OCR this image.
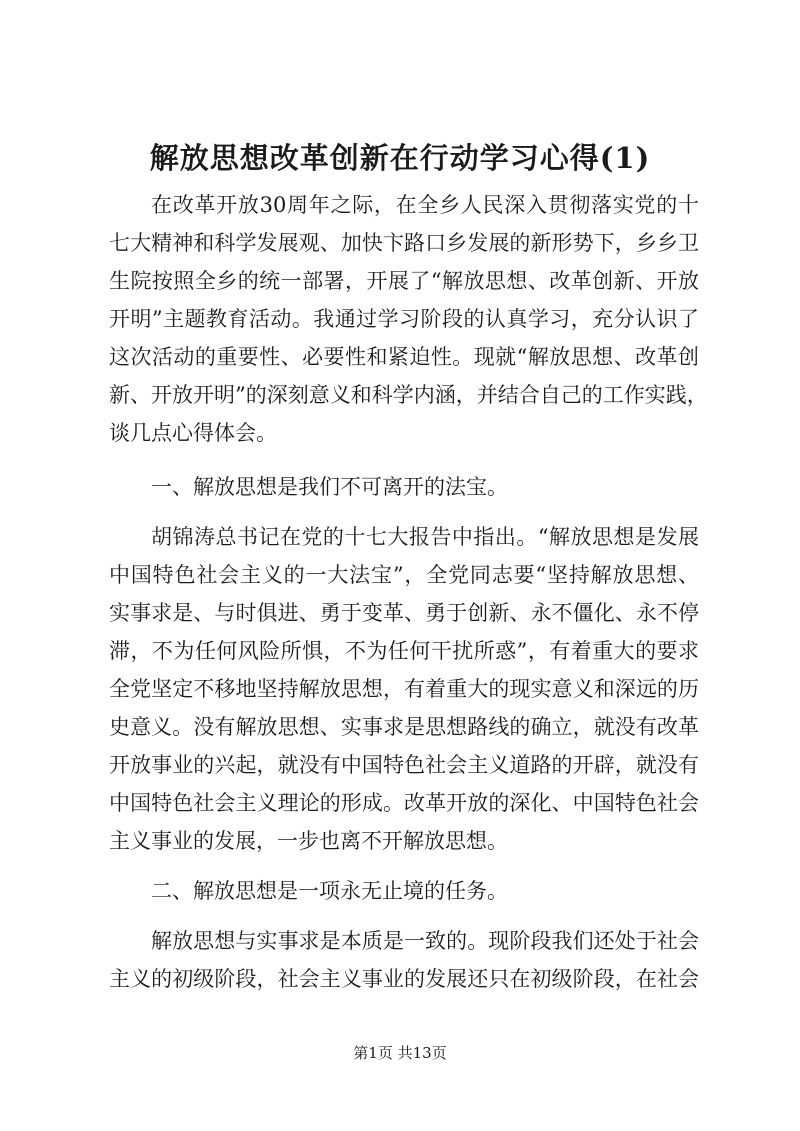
解放思想改革创新在行动学习心得(1)

在改革开放30周年之际，在全乡人民深入贯彻落实党的十

七大精神和科学发展观、加快卞路口乡发展的新形势下，乡乡卫

生院按照全乡的统一部署，开展了“解放思想、改革创新、开放

开明”主题教育活动。我通过学习阶段的认真学习，充分认识了

这次活动的重要性、必要性和紧迫性。现就“解放思想、改革创

新、开放开明”的深刻意义和科学内涵，并结合自己的工作实践，

谈几点心得体会。

一、解放思想是我们不可离开的法宝。

胡锦涛总书记在党的十七大报告中指出。“解放思想是发展

中国特色社会主义的一大法宝”，全党同志要“坚持解放思想、

实事求是、与时俱进、勇于变革、勇于创新、永不僵化、永不停

滞，不为任何风险所惧，不为任何干扰所惑”，有着重大的要求

全党坚定不移地坚持解放思想，有着重大的现实意义和深远的历

史意义。没有解放思想、实事求是思想路线的确立，就没有改革

开放事业的兴起，就没有中国特色社会主义道路的开辟，就没有

中国特色社会主义理论的形成。改革开放的深化、中国特色社会

主义事业的发展，一步也离不开解放思想。

二、解放思想是一项永无止境的任务。

解放思想与实事求是本质是一致的。现阶段我们还处于社会

主义的初级阶段，社会主义事业的发展还只在初级阶段，在社会

第1页 共13页
